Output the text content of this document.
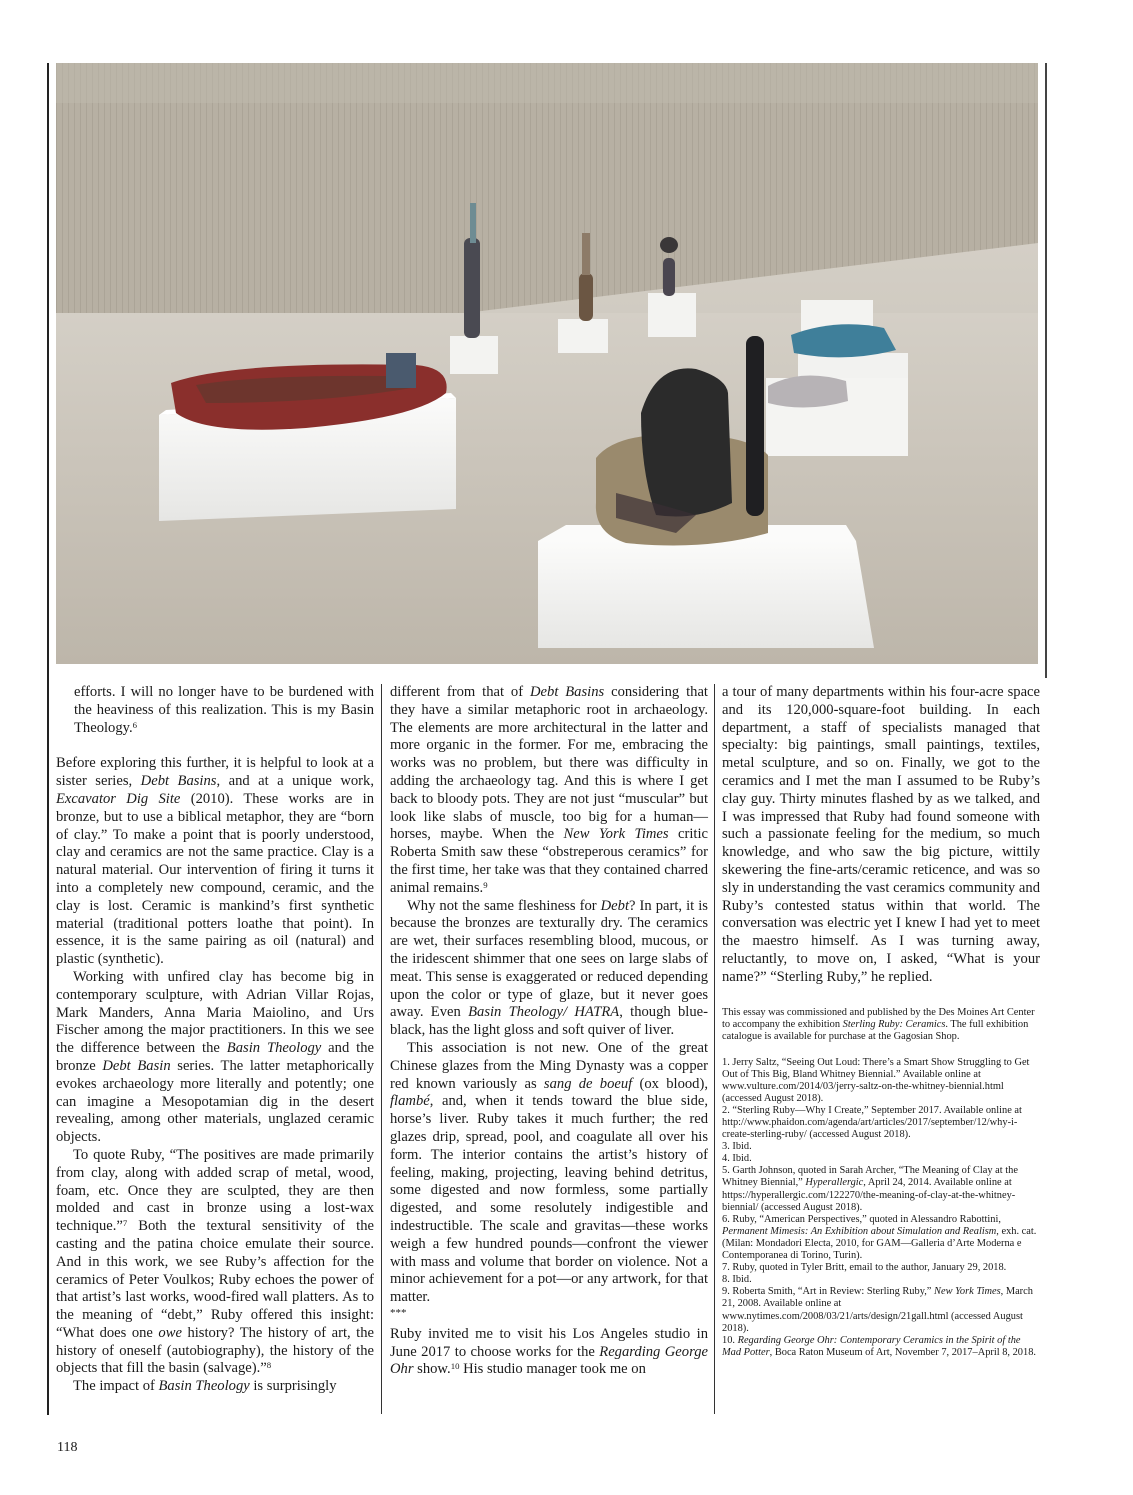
efforts. I will no longer have to be burdened with the heaviness of this realization. This is my Basin Theology.$^6$

Before exploring this further, it is helpful to look at a sister series, Debt Basins, and at a unique work, Excavator Dig Site (2010). These works are in bronze, but to use a biblical metaphor, they are “born of clay.” To make a point that is poorly understood, clay and ceramics are not the same practice. Clay is a natural material. Our intervention of firing it turns it into a completely new compound, ceramic, and the clay is lost. Ceramic is mankind’s first synthetic material (traditional potters loathe that point). In essence, it is the same pairing as oil (natural) and plastic (synthetic).

Working with unfired clay has become big in contemporary sculpture, with Adrian Villar Rojas, Mark Manders, Anna Maria Maiolino, and Urs Fischer among the major practitioners. In this we see the difference between the Basin Theology and the bronze Debt Basin series. The latter metaphorically evokes archaeology more literally and potently; one can imagine a Mesopotamian dig in the desert revealing, among other materials, unglazed ceramic objects.

To quote Ruby, “The positives are made primarily from clay, along with added scrap of metal, wood, foam, etc. Once they are sculpted, they are then molded and cast in bronze using a lost-wax technique.”$^7$ Both the textural sensitivity of the casting and the patina choice emulate their source. And in this work, we see Ruby’s affection for the ceramics of Peter Voulkos; Ruby echoes the power of that artist’s last works, wood-fired wall platters. As to the meaning of “debt,” Ruby offered this insight: “What does one owe history? The history of art, the history of oneself (autobiography), the history of the objects that fill the basin (salvage).”$^8$

The impact of Basin Theology is surprisingly

different from that of Debt Basins considering that they have a similar metaphoric root in archaeology. The elements are more architectural in the latter and more organic in the former. For me, embracing the works was no problem, but there was difficulty in adding the archaeology tag. And this is where I get back to bloody pots. They are not just “muscular” but look like slabs of muscle, too big for a human—horses, maybe. When the New York Times critic Roberta Smith saw these “obstreperous ceramics” for the first time, her take was that they contained charred animal remains.$^9$

Why not the same fleshiness for Debt? In part, it is because the bronzes are texturally dry. The ceramics are wet, their surfaces resembling blood, mucous, or the iridescent shimmer that one sees on large slabs of meat. This sense is exaggerated or reduced depending upon the color or type of glaze, but it never goes away. Even Basin Theology/ HATRA, though blue-black, has the light gloss and soft quiver of liver.

This association is not new. One of the great Chinese glazes from the Ming Dynasty was a copper red known variously as sang de boeuf (ox blood), flambé, and, when it tends toward the blue side, horse’s liver. Ruby takes it much further; the red glazes drip, spread, pool, and coagulate all over his form. The interior contains the artist’s history of feeling, making, projecting, leaving behind detritus, some digested and now formless, some partially digested, and some resolutely indigestible and indestructible. The scale and gravitas—these works weigh a few hundred pounds—confront the viewer with mass and volume that border on violence. Not a minor achievement for a pot—or any artwork, for that matter.

***

Ruby invited me to visit his Los Angeles studio in June 2017 to choose works for the Regarding George Ohr show.$^{10}$ His studio manager took me on

a tour of many departments within his four-acre space and its 120,000-square-foot building. In each department, a staff of specialists managed that specialty: big paintings, small paintings, textiles, metal sculpture, and so on. Finally, we got to the ceramics and I met the man I assumed to be Ruby’s clay guy. Thirty minutes flashed by as we talked, and I was impressed that Ruby had found someone with such a passionate feeling for the medium, so much knowledge, and who saw the big picture, wittily skewering the fine-arts/ceramic reticence, and was so sly in understanding the vast ceramics community and Ruby’s contested status within that world. The conversation was electric yet I knew I had yet to meet the maestro himself. As I was turning away, reluctantly, to move on, I asked, “What is your name?” “Sterling Ruby,” he replied.

This essay was commissioned and published by the Des Moines Art Center to accompany the exhibition Sterling Ruby: Ceramics. The full exhibition catalogue is available for purchase at the Gagosian Shop.

1. Jerry Saltz, “Seeing Out Loud: There’s a Smart Show Struggling to Get Out of This Big, Bland Whitney Biennial.” Available online at www.vulture.com/2014/03/jerry-saltz-on-the-whitney-biennial.html (accessed August 2018).
2. “Sterling Ruby—Why I Create,” September 2017. Available online at http://www.phaidon.com/agenda/art/articles/2017/september/12/why-i-create-sterling-ruby/ (accessed August 2018).
3. Ibid.
4. Ibid.
5. Garth Johnson, quoted in Sarah Archer, “The Meaning of Clay at the Whitney Biennial,” Hyperallergic, April 24, 2014. Available online at https://hyperallergic.com/122270/the-meaning-of-clay-at-the-whitney-biennial/ (accessed August 2018).
6. Ruby, “American Perspectives,” quoted in Alessandro Rabottini, Permanent Mimesis: An Exhibition about Simulation and Realism, exh. cat. (Milan: Mondadori Electa, 2010, for GAM—Galleria d’Arte Moderna e Contemporanea di Torino, Turin).
7. Ruby, quoted in Tyler Britt, email to the author, January 29, 2018.
8. Ibid.
9. Roberta Smith, “Art in Review: Sterling Ruby,” New York Times, March 21, 2008. Available online at www.nytimes.com/2008/03/21/arts/design/21gall.html (accessed August 2018).
10. Regarding George Ohr: Contemporary Ceramics in the Spirit of the Mad Potter, Boca Raton Museum of Art, November 7, 2017–April 8, 2018.
118
